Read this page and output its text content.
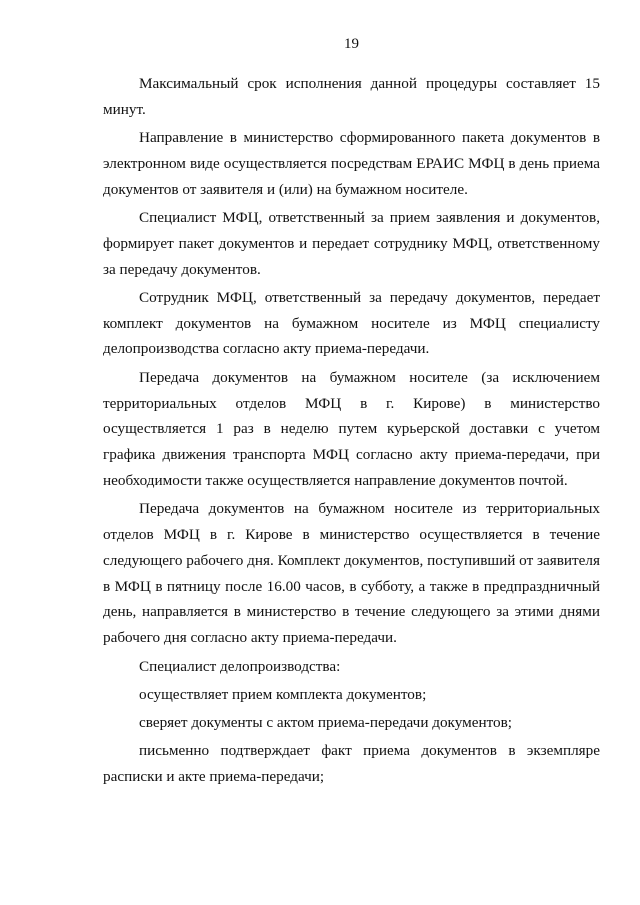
19

Максимальный срок исполнения данной процедуры составляет 15 минут.

Направление в министерство сформированного пакета документов в электронном виде осуществляется посредствам ЕРАИС МФЦ в день приема документов от заявителя и (или) на бумажном носителе.

Специалист МФЦ, ответственный за прием заявления и документов, формирует пакет документов и передает сотруднику МФЦ, ответственному за передачу документов.

Сотрудник МФЦ, ответственный за передачу документов, передает комплект документов на бумажном носителе из МФЦ специалисту делопроизводства согласно акту приема-передачи.

Передача документов на бумажном носителе (за исключением территориальных отделов МФЦ в г. Кирове) в министерство осуществляется 1 раз в неделю путем курьерской доставки с учетом графика движения транспорта МФЦ согласно акту приема-передачи, при необходимости также осуществляется направление документов почтой.

Передача документов на бумажном носителе из территориальных отделов МФЦ в г. Кирове в министерство осуществляется в течение следующего рабочего дня. Комплект документов, поступивший от заявителя в МФЦ в пятницу после 16.00 часов, в субботу, а также в предпраздничный день, направляется в министерство в течение следующего за этими днями рабочего дня согласно акту приема-передачи.

Специалист делопроизводства:

осуществляет прием комплекта документов;

сверяет документы с актом приема-передачи документов;

письменно подтверждает факт приема документов в экземпляре расписки и акте приема-передачи;
